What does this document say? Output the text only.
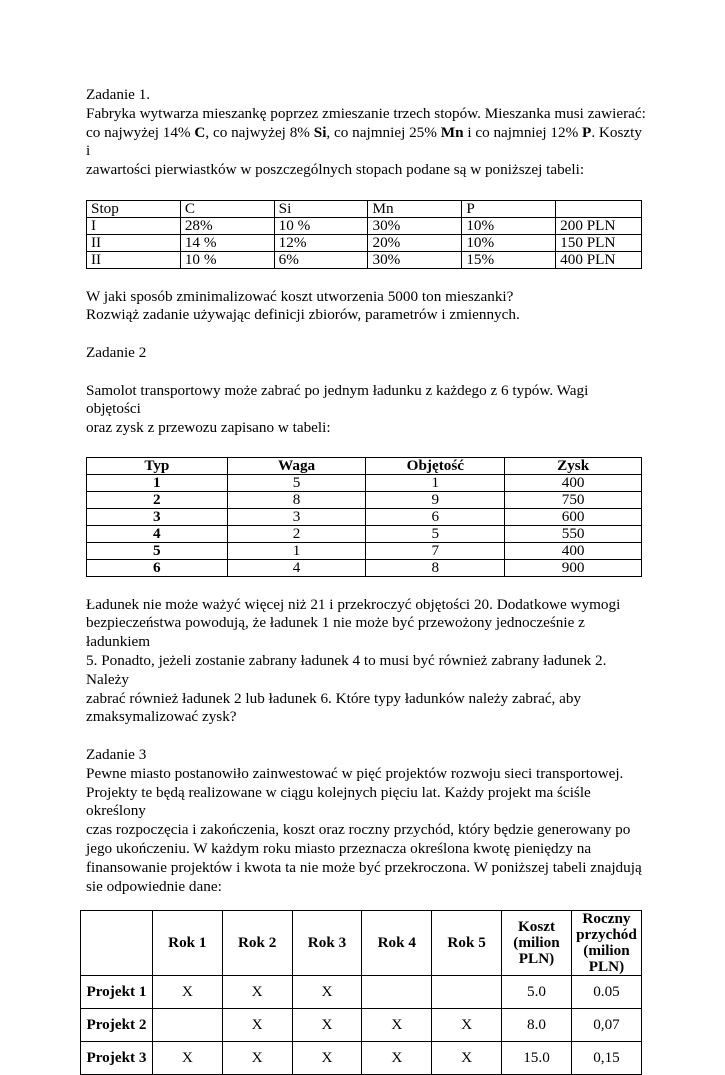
Zadanie 1.

Fabryka wytwarza mieszankę poprzez zmieszanie trzech stopów. Mieszanka musi zawierać:

co najwyżej 14% C, co najwyżej 8% Si, co najmniej 25% Mn i co najmniej 12% P. Koszty i

zawartości pierwiastków w poszczególnych stopach podane są w poniższej tabeli:

Stop	C	Si	Mn	P	
I	28%	10 %	30%	10%	200 PLN
II	14 %	12%	20%	10%	150 PLN
II	10 %	6%	30%	15%	400 PLN

W jaki sposób zminimalizować koszt utworzenia 5000 ton mieszanki?

Rozwiąż zadanie używając definicji zbiorów, parametrów i zmiennych.

Zadanie 2

Samolot transportowy może zabrać po jednym ładunku z każdego z 6 typów. Wagi objętości

oraz zysk z przewozu zapisano w tabeli:

Typ	Waga	Objętość	Zysk
1	5	1	400
2	8	9	750
3	3	6	600
4	2	5	550
5	1	7	400
6	4	8	900

Ładunek nie może ważyć więcej niż 21 i przekroczyć objętości 20. Dodatkowe wymogi

bezpieczeństwa powodują, że ładunek 1 nie może być przewożony jednocześnie z ładunkiem

5. Ponadto, jeżeli zostanie zabrany ładunek 4 to musi być również zabrany ładunek 2. Należy

zabrać również ładunek 2 lub ładunek 6. Które typy ładunków należy zabrać, aby

zmaksymalizować zysk?

Zadanie 3

Pewne miasto postanowiło zainwestować w pięć projektów rozwoju sieci transportowej.

Projekty te będą realizowane w ciągu kolejnych pięciu lat. Każdy projekt ma ściśle określony

czas rozpoczęcia i zakończenia, koszt oraz roczny przychód, który będzie generowany po

jego ukończeniu. W każdym roku miasto przeznacza określona kwotę pieniędzy na

finansowanie projektów i kwota ta nie może być przekroczona. W poniższej tabeli znajdują

sie odpowiednie dane:

	Rok 1	Rok 2	Rok 3	Rok 4	Rok 5	Koszt (milion PLN)	Roczny przychód (milion PLN)
Projekt 1	X	X	X			5.0	0.05
Projekt 2		X	X	X	X	8.0	0,07
Projekt 3	X	X	X	X	X	15.0	0,15
